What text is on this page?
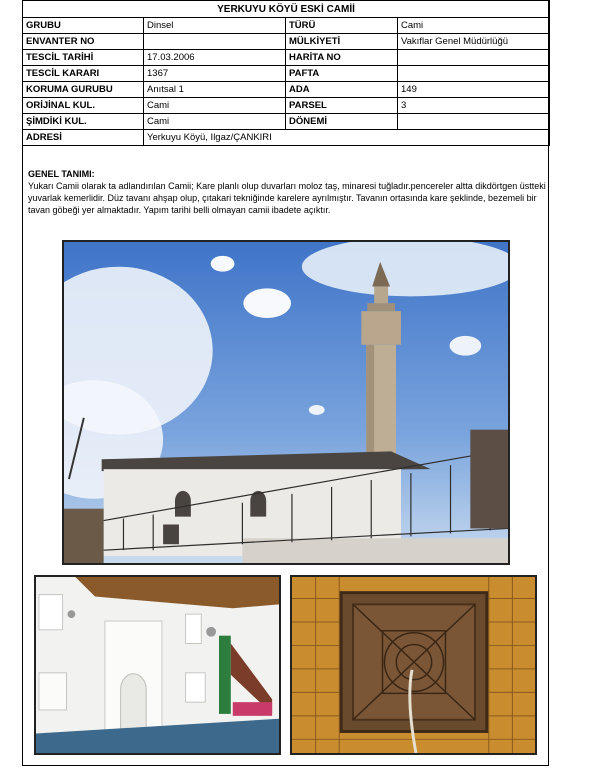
YERKUYU KÖYÜ ESKİ CAMİİ			
GRUBU	Dinsel	TÜRÜ	Cami
ENVANTER NO		MÜLKİYETİ	Vakıflar Genel Müdürlüğü
TESCİL TARİHİ	17.03.2006	HARİTA NO	
TESCİL KARARI	1367	PAFTA	
KORUMA GURUBU	Anıtsal 1	ADA	149
ORİJİNAL KUL.	Cami	PARSEL	3
ŞİMDİKİ KUL.	Cami	DÖNEMİ	
ADRESİ	Yerkuyu Köyü, Ilgaz/ÇANKIRI		
GENEL TANIMI:
Yukarı Camii olarak ta adlandırılan Camii; Kare planlı olup duvarları moloz taş, minaresi tuğladır.pencereler altta dikdörtgen üstteki yuvarlak kemerlidir. Düz tavanı ahşap olup, çıtakari tekniğinde karelere ayrılmıştır. Tavanın ortasında kare şeklinde, bezemeli bir tavan göbeği yer almaktadır. Yapım tarihi belli olmayan camii ibadete açıktır.
